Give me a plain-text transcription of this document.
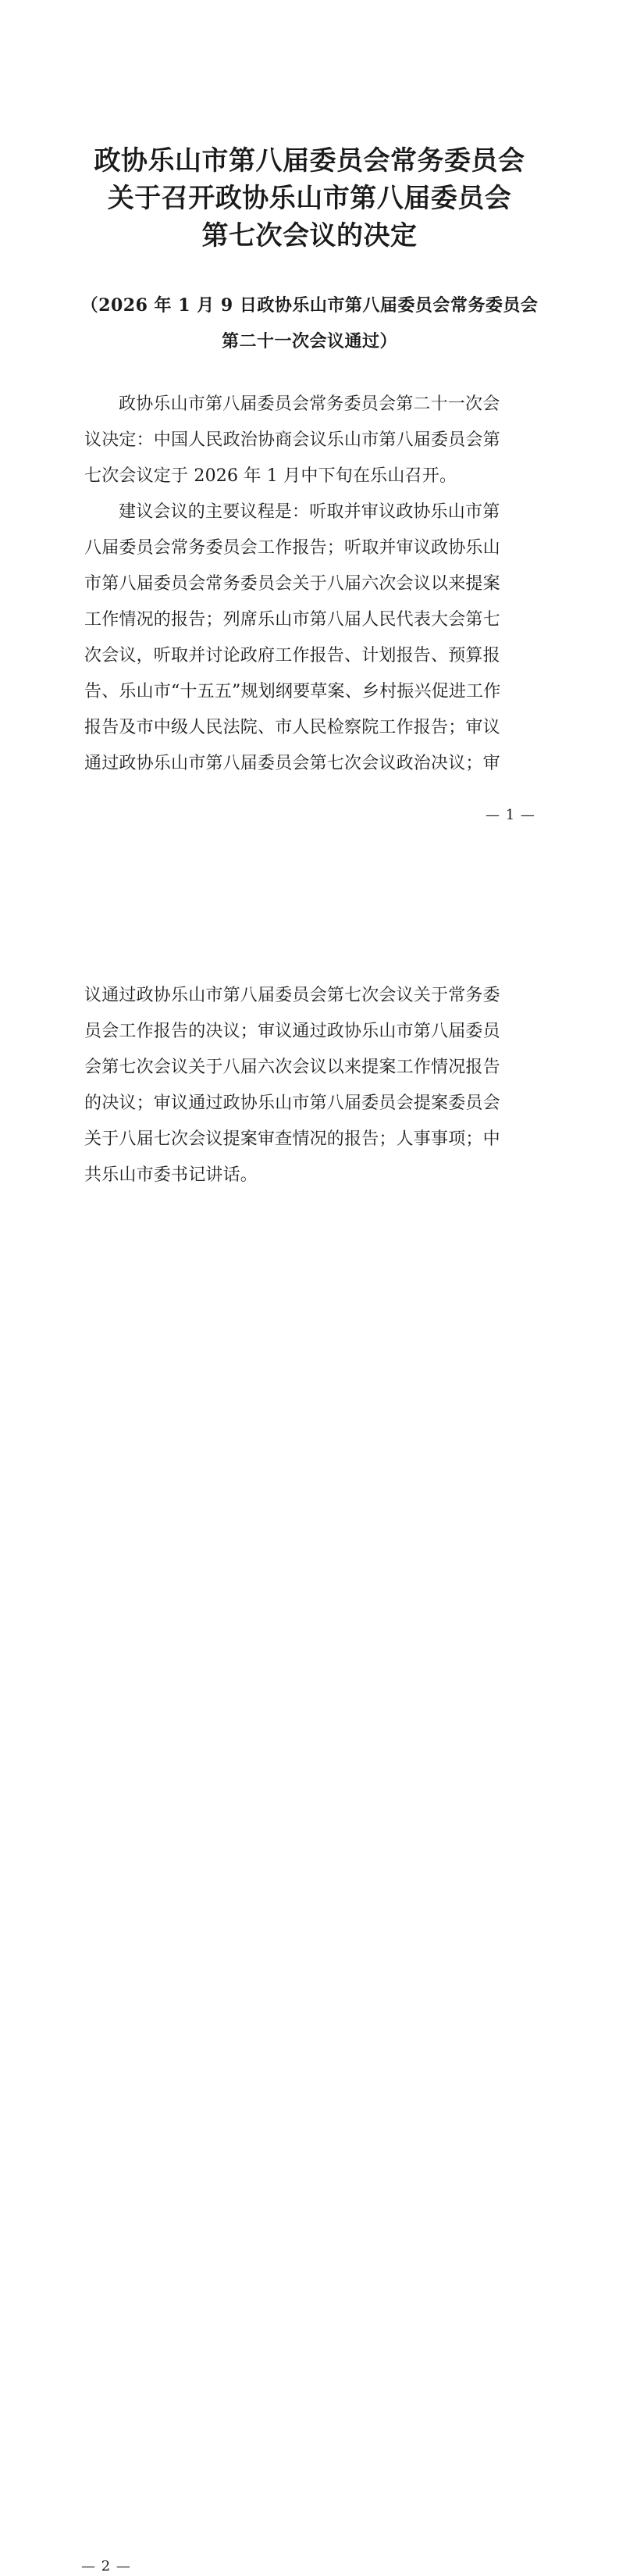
政协乐山市第八届委员会常务委员会
关于召开政协乐山市第八届委员会
第七次会议的决定

（2026 年 1 月 9 日政协乐山市第八届委员会常务委员会
第二十一次会议通过）

政协乐山市第八届委员会常务委员会第二十一次会
议决定：中国人民政治协商会议乐山市第八届委员会第
七次会议定于 2026 年 1 月中下旬在乐山召开。
建议会议的主要议程是：听取并审议政协乐山市第
八届委员会常务委员会工作报告；听取并审议政协乐山
市第八届委员会常务委员会关于八届六次会议以来提案
工作情况的报告；列席乐山市第八届人民代表大会第七
次会议，听取并讨论政府工作报告、计划报告、预算报
告、乐山市“十五五”规划纲要草案、乡村振兴促进工作
报告及市中级人民法院、市人民检察院工作报告；审议
通过政协乐山市第八届委员会第七次会议政治决议；审
— 1 —
— 2 —
议通过政协乐山市第八届委员会第七次会议关于常务委
员会工作报告的决议；审议通过政协乐山市第八届委员
会第七次会议关于八届六次会议以来提案工作情况报告
的决议；审议通过政协乐山市第八届委员会提案委员会
关于八届七次会议提案审查情况的报告；人事事项；中
共乐山市委书记讲话。
